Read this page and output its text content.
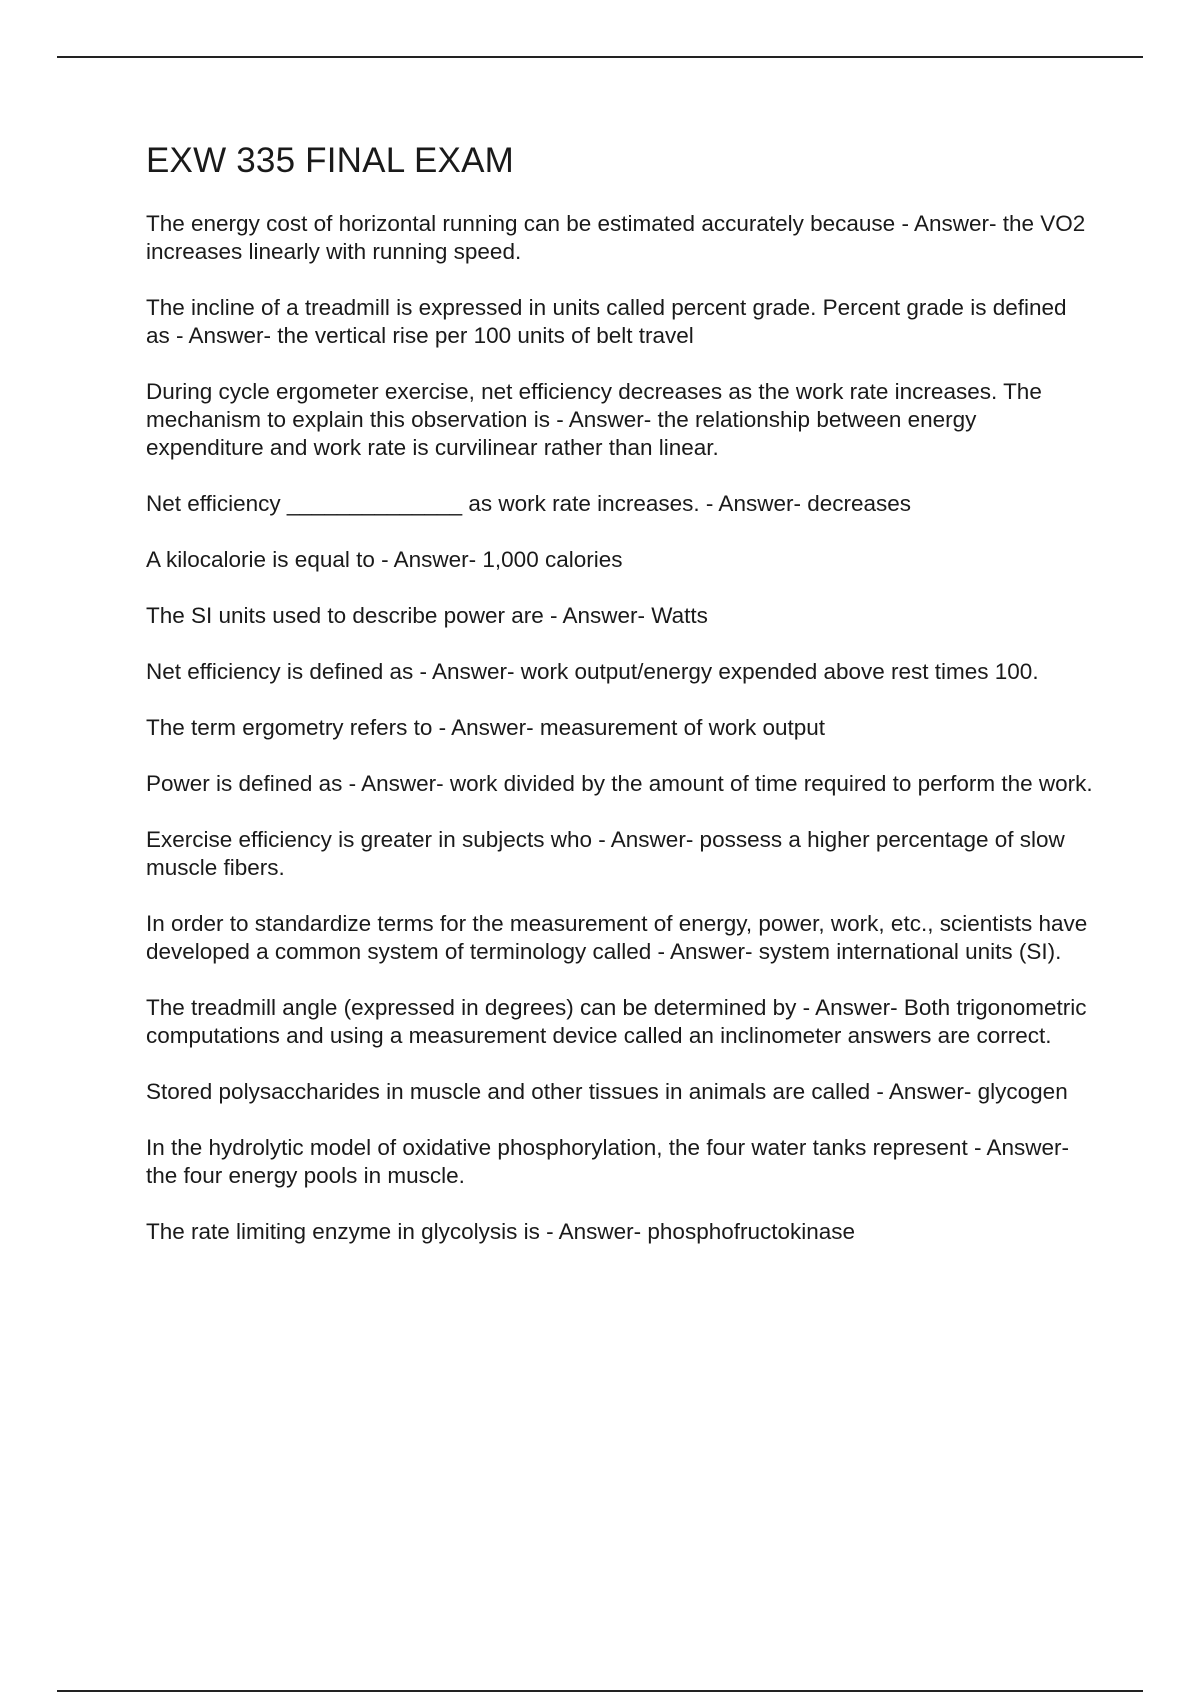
EXW 335 FINAL EXAM

The energy cost of horizontal running can be estimated accurately because - Answer- the VO2 increases linearly with running speed.

The incline of a treadmill is expressed in units called percent grade. Percent grade is defined as - Answer- the vertical rise per 100 units of belt travel

During cycle ergometer exercise, net efficiency decreases as the work rate increases. The mechanism to explain this observation is - Answer- the relationship between energy expenditure and work rate is curvilinear rather than linear.

Net efficiency ______________ as work rate increases. - Answer- decreases

A kilocalorie is equal to - Answer- 1,000 calories

The SI units used to describe power are - Answer- Watts

Net efficiency is defined as - Answer- work output/energy expended above rest times 100.

The term ergometry refers to - Answer- measurement of work output

Power is defined as - Answer- work divided by the amount of time required to perform the work.

Exercise efficiency is greater in subjects who - Answer- possess a higher percentage of slow muscle fibers.

In order to standardize terms for the measurement of energy, power, work, etc., scientists have developed a common system of terminology called - Answer- system international units (SI).

The treadmill angle (expressed in degrees) can be determined by - Answer- Both trigonometric computations and using a measurement device called an inclinometer answers are correct.

Stored polysaccharides in muscle and other tissues in animals are called - Answer- glycogen

In the hydrolytic model of oxidative phosphorylation, the four water tanks represent - Answer- the four energy pools in muscle.

The rate limiting enzyme in glycolysis is - Answer- phosphofructokinase
